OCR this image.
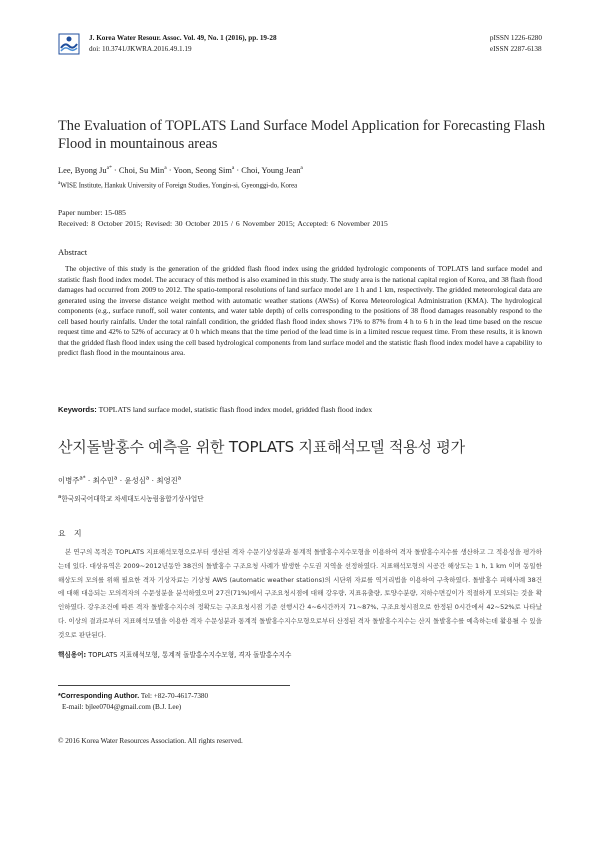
J. Korea Water Resour. Assoc. Vol. 49, No. 1 (2016), pp. 19-28
doi: 10.3741/JKWRA.2016.49.1.19
pISSN 1226-6280
eISSN 2287-6138
The Evaluation of TOPLATS Land Surface Model Application for Forecasting Flash Flood in mountainous areas
Lee, Byong $Ju^{a*}$ · Choi, Su Min$^a$ · Yoon, Seong Sim$^a$ · Choi, Young Jean$^a$
$^a$WISE Institute, Hankuk University of Foreign Studies, Yongin-si, Gyeonggi-do, Korea
Paper number: 15-085
Received: 8 October 2015; Revised: 30 October 2015 / 6 November 2015; Accepted: 6 November 2015
Abstract
The objective of this study is the generation of the gridded flash flood index using the gridded hydrologic components of TOPLATS land surface model and statistic flash flood index model. The accuracy of this method is also examined in this study. The study area is the national capital region of Korea, and 38 flash flood damages had occurred from 2009 to 2012. The spatio-temporal resolutions of land surface model are 1 h and 1 km, respectively. The gridded meteorological data are generated using the inverse distance weight method with automatic weather stations (AWSs) of Korea Meteorological Administration (KMA). The hydrological components (e.g., surface runoff, soil water contents, and water table depth) of cells corresponding to the positions of 38 flood damages reasonably respond to the cell based hourly rainfalls. Under the total rainfall condition, the gridded flash flood index shows 71% to 87% from 4 h to 6 h in the lead time based on the rescue request time and 42% to 52% of accuracy at 0 h which means that the time period of the lead time is in a limited rescue request time. From these results, it is known that the gridded flash flood index using the cell based hydrological components from land surface model and the statistic flash flood index model have a capability to predict flash flood in the mountainous area.
Keywords: TOPLATS land surface model, statistic flash flood index model, gridded flash flood index
산지돌발홍수 예측을 위한 TOPLATS 지표해석모델 적용성 평가
이병주$^{a*}$ · 최수민$^a$ · 윤성심$^a$ · 최영진$^a$
$^a$한국외국어대학교 차세대도시농림융합기상사업단
요 지
본 연구의 목적은 TOPLATS 지표해석모형으로부터 생산된 격자 수문기상성분과 통계적 돌발홍수지수모형을 이용하여 격자 돌발홍수지수를 생산하고 그 적용성을 평가하는데 있다. 대상유역은 2009~2012년동안 38건의 돌발홍수 구조요청 사례가 발생한 수도권 지역을 선정하였다. 지표해석모형의 시공간 해상도는 1 h, 1 km 이며 동일한 해상도의 모의를 위해 필요한 격자 기상자료는 기상청 AWS (automatic weather stations)의 시단위 자료를 역거리법을 이용하여 구축하였다. 돌발홍수 피해사례 38건에 대해 대응되는 모의격자의 수문성분을 분석하였으며 27건(71%)에서 구조요청시점에 대해 강우량, 지표유출량, 토양수분량, 지하수면깊이가 적절하게 모의되는 것을 확인하였다. 강우조건에 따른 격자 돌발홍수지수의 정확도는 구조요청시점 기준 선행시간 4~6시간까지 71~87%, 구조요청시점으로 한정된 0시간에서 42~52%로 나타났다. 이상의 결과로부터 지표해석모델을 이용한 격자 수문성분과 통계적 돌발홍수지수모형으로부터 산정된 격자 돌발홍수지수는 산지 돌발홍수를 예측하는데 활용될 수 있을 것으로 판단된다.
핵심용어: TOPLATS 지표해석모형, 통계적 돌발홍수지수모형, 격자 돌발홍수지수
*Corresponding Author. Tel: +82-70-4617-7380
E-mail: bjlee0704@gmail.com (B.J. Lee)
© 2016 Korea Water Resources Association. All rights reserved.
